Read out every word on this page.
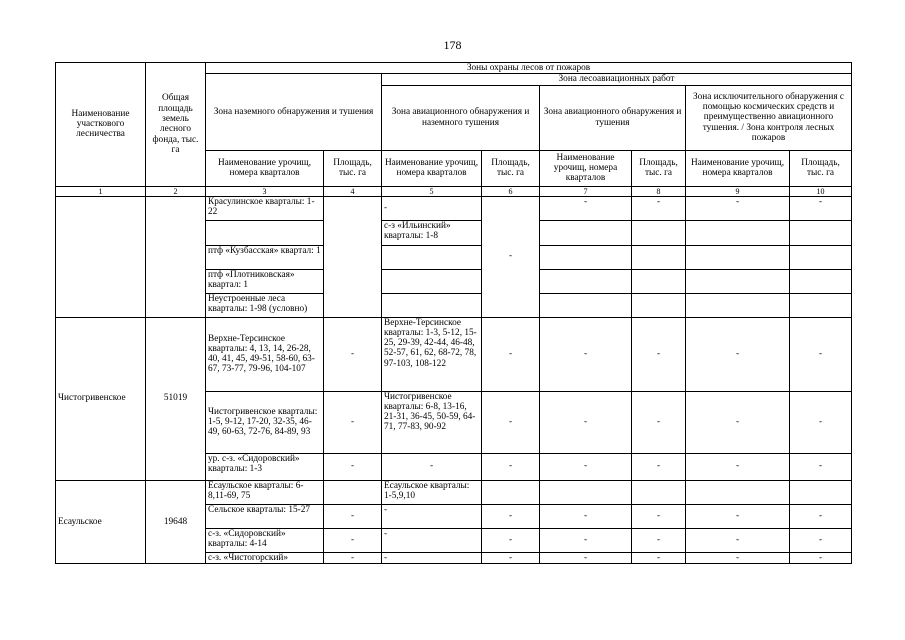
178
Наименование участкового лесничества	Общая площадь земель лесного фонда, тыс. га	Зоны охраны лесов от пожаров							
		Зона наземного обнаружения и тушения		Зона лесоавиационных работ					
				Зона авиационного обнаружения и наземного тушения		Зона авиационного обнаружения и тушения		Зона исключительного обнаружения с помощью космических средств и преимущественно авиационного тушения. / Зона контроля лесных пожаров	
		Наименование урочищ, номера кварталов	Площадь, тыс. га	Наименование урочищ, номера кварталов	Площадь, тыс. га	Наименование урочищ, номера кварталов	Площадь, тыс. га	Наименование урочищ, номера кварталов	Площадь, тыс. га
1	2	3	4	5	6	7	8	9	10
		Красулинское кварталы: 1-22		-	-	-	-	-	-
				с-з «Ильинский» кварталы: 1-8					
		птф «Кузбасская» квартал: 1							
		птф «Плотниковская» квартал: 1							
		Неустроенные леса кварталы: 1-98 (условно)							
Чистогривенское	51019	Верхне-Терсинское кварталы: 4, 13, 14, 26-28, 40, 41, 45, 49-51, 58-60, 63-67, 73-77, 79-96, 104-107	-	Верхне-Терсинское кварталы: 1-3, 5-12, 15-25, 29-39, 42-44, 46-48, 52-57, 61, 62, 68-72, 78, 97-103, 108-122	-	-	-	-	-
		Чистогривенское кварталы: 1-5, 9-12, 17-20, 32-35, 46-49, 60-63, 72-76, 84-89, 93	-	Чистогривенское кварталы: 6-8, 13-16, 21-31, 36-45, 50-59, 64-71, 77-83, 90-92	-	-	-	-	-
		ур. с-з. «Сидоровский» кварталы: 1-3	-	-	-	-	-	-	-
Есаульское	19648	Есаульское кварталы: 6-8,11-69, 75		Есаульское кварталы: 1-5,9,10					
		Сельское кварталы: 15-27	-	-	-	-	-	-	-
		с-з. «Сидоровский» кварталы: 4-14	-	-	-	-	-	-	-
		с-з. «Чистогорский»	-	-	-	-	-	-	-
